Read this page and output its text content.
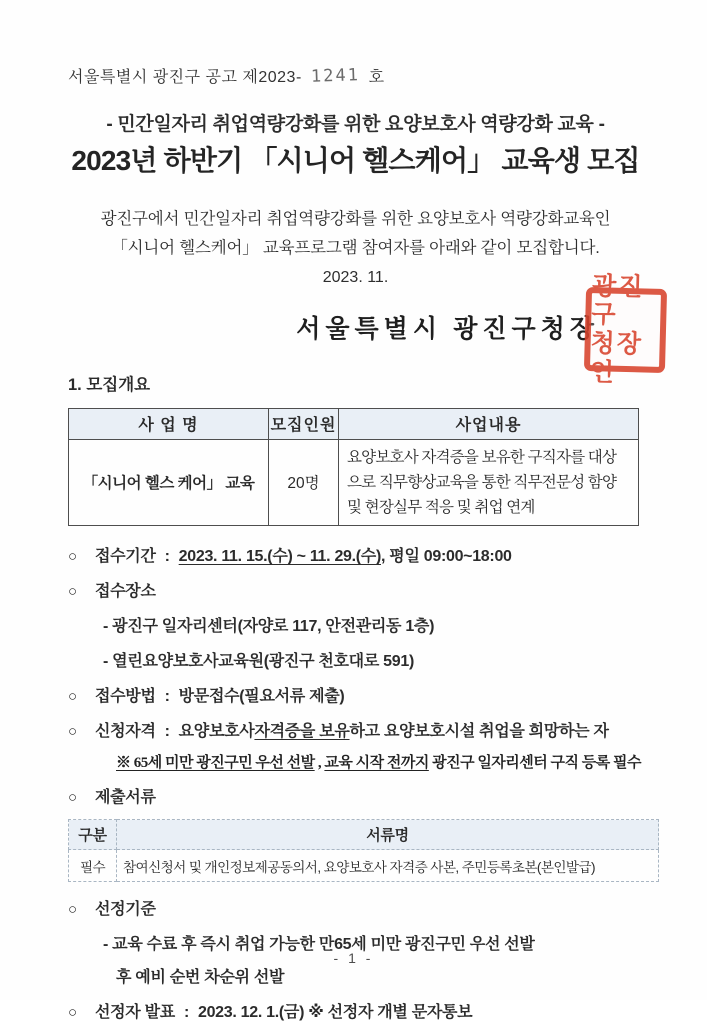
서울특별시 광진구 공고 제2023- 1241 호
- 민간일자리 취업역량강화를 위한 요양보호사 역량강화 교육 -
2023년 하반기 「시니어 헬스케어」 교육생 모집
광진구에서 민간일자리 취업역량강화를 위한 요양보호사 역량강화교육인
「시니어 헬스케어」 교육프로그램 참여자를 아래와 같이 모집합니다.
2023. 11.
서울특별시 광진구청장
1. 모집개요
사 업 명	모집인원	사업내용
「시니어 헬스 케어」 교육	20명	요양보호사 자격증을 보유한 구직자를 대상으로 직무향상교육을 통한 직무전문성 함양 및 현장실무 적응 및 취업 연계
○	접수기간 : 2023. 11. 15.(수) ~ 11. 29.(수) , 평일 09:00~18:00
○	접수장소
- 광진구 일자리센터(자양로 117, 안전관리동 1층)
- 열린요양보호사교육원(광진구 천호대로 591)
○	접수방법 : 방문접수(필요서류 제출)
○	신청자격 : 요양보호사 자격증을 보유 하고 요양보호시설 취업을 희망하는 자
※ 65세 미만 광진구민 우선 선발 , 교육 시작 전까지 광진구 일자리센터 구직 등록 필수
○	제출서류
구분	서류명
필수	참여신청서 및 개인정보제공동의서, 요양보호사 자격증 사본, 주민등록초본(본인발급)
○	선정기준
- 교육 수료 후 즉시 취업 가능한 만65세 미만 광진구민 우선 선발
후 예비 순번 차순위 선발
○	선정자 발표 : 2023. 12. 1.(금) ※ 선정자 개별 문자통보
광진구
청장인
- 1 -
